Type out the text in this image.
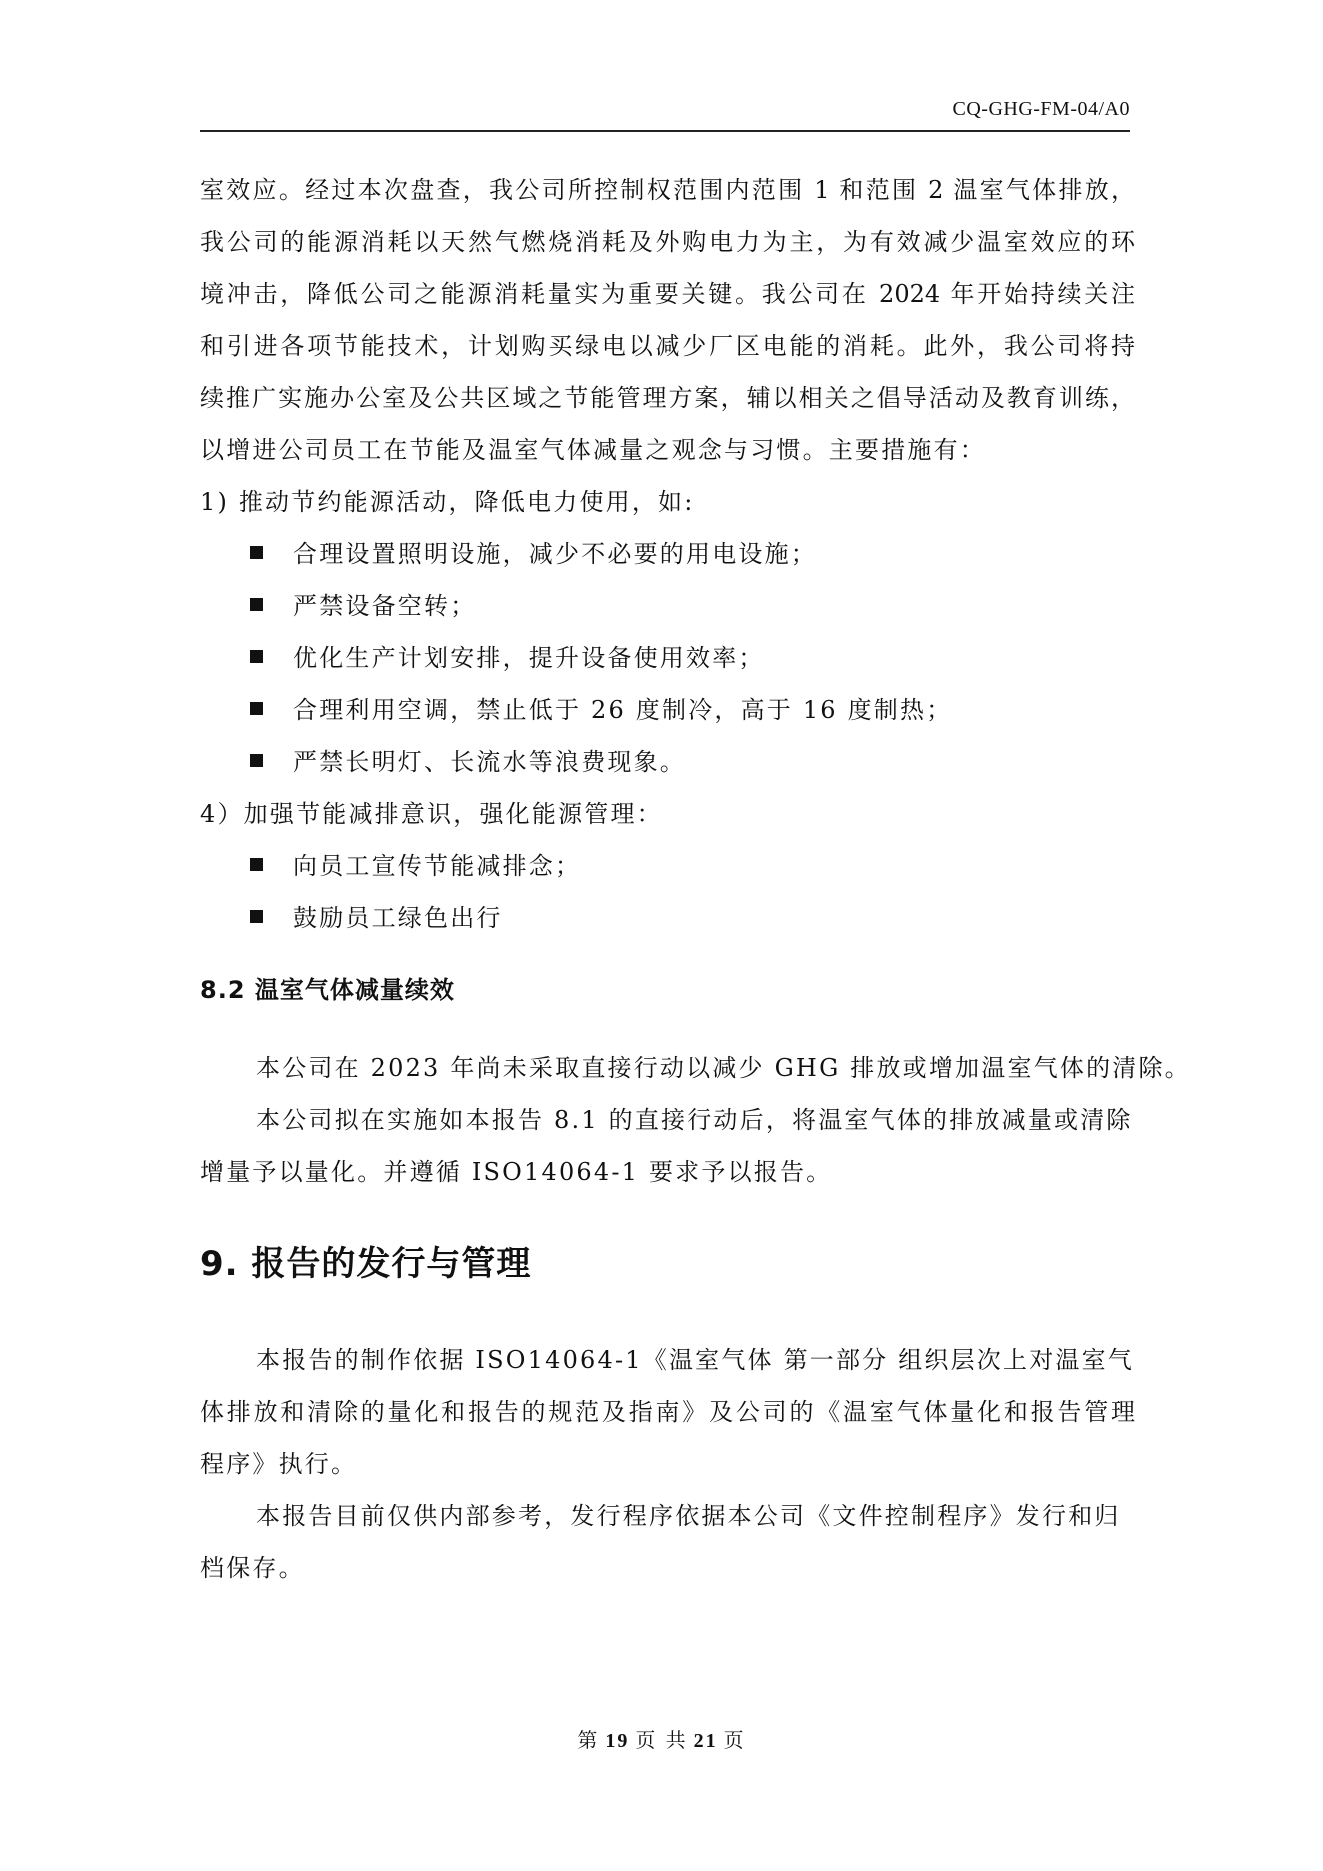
CQ-GHG-FM-04/A0
室效应。经过本次盘查，我公司所控制权范围内范围 1 和范围 2 温室气体排放，
我公司的能源消耗以天然气燃烧消耗及外购电力为主，为有效减少温室效应的环
境冲击，降低公司之能源消耗量实为重要关键。我公司在 2024 年开始持续关注
和引进各项节能技术，计划购买绿电以减少厂区电能的消耗。此外，我公司将持
续推广实施办公室及公共区域之节能管理方案，辅以相关之倡导活动及教育训练，
以增进公司员工在节能及温室气体减量之观念与习惯。主要措施有：
1) 推动节约能源活动，降低电力使用，如:
合理设置照明设施，减少不必要的用电设施；
严禁设备空转；
优化生产计划安排，提升设备使用效率；
合理利用空调，禁止低于 26 度制冷，高于 16 度制热；
严禁长明灯、长流水等浪费现象。
4）加强节能减排意识，强化能源管理：
向员工宣传节能减排念；
鼓励员工绿色出行
8.2 温室气体减量续效
本公司在 2023 年尚未采取直接行动以减少 GHG 排放或增加温室气体的清除。
本公司拟在实施如本报告 8.1 的直接行动后，将温室气体的排放减量或清除
增量予以量化。并遵循 ISO14064-1 要求予以报告。
9. 报告的发行与管理
本报告的制作依据 ISO14064-1《温室气体 第一部分 组织层次上对温室气
体排放和清除的量化和报告的规范及指南》及公司的《温室气体量化和报告管理
程序》执行。
本报告目前仅供内部参考，发行程序依据本公司《文件控制程序》发行和归
档保存。
第 19 页 共 21 页
